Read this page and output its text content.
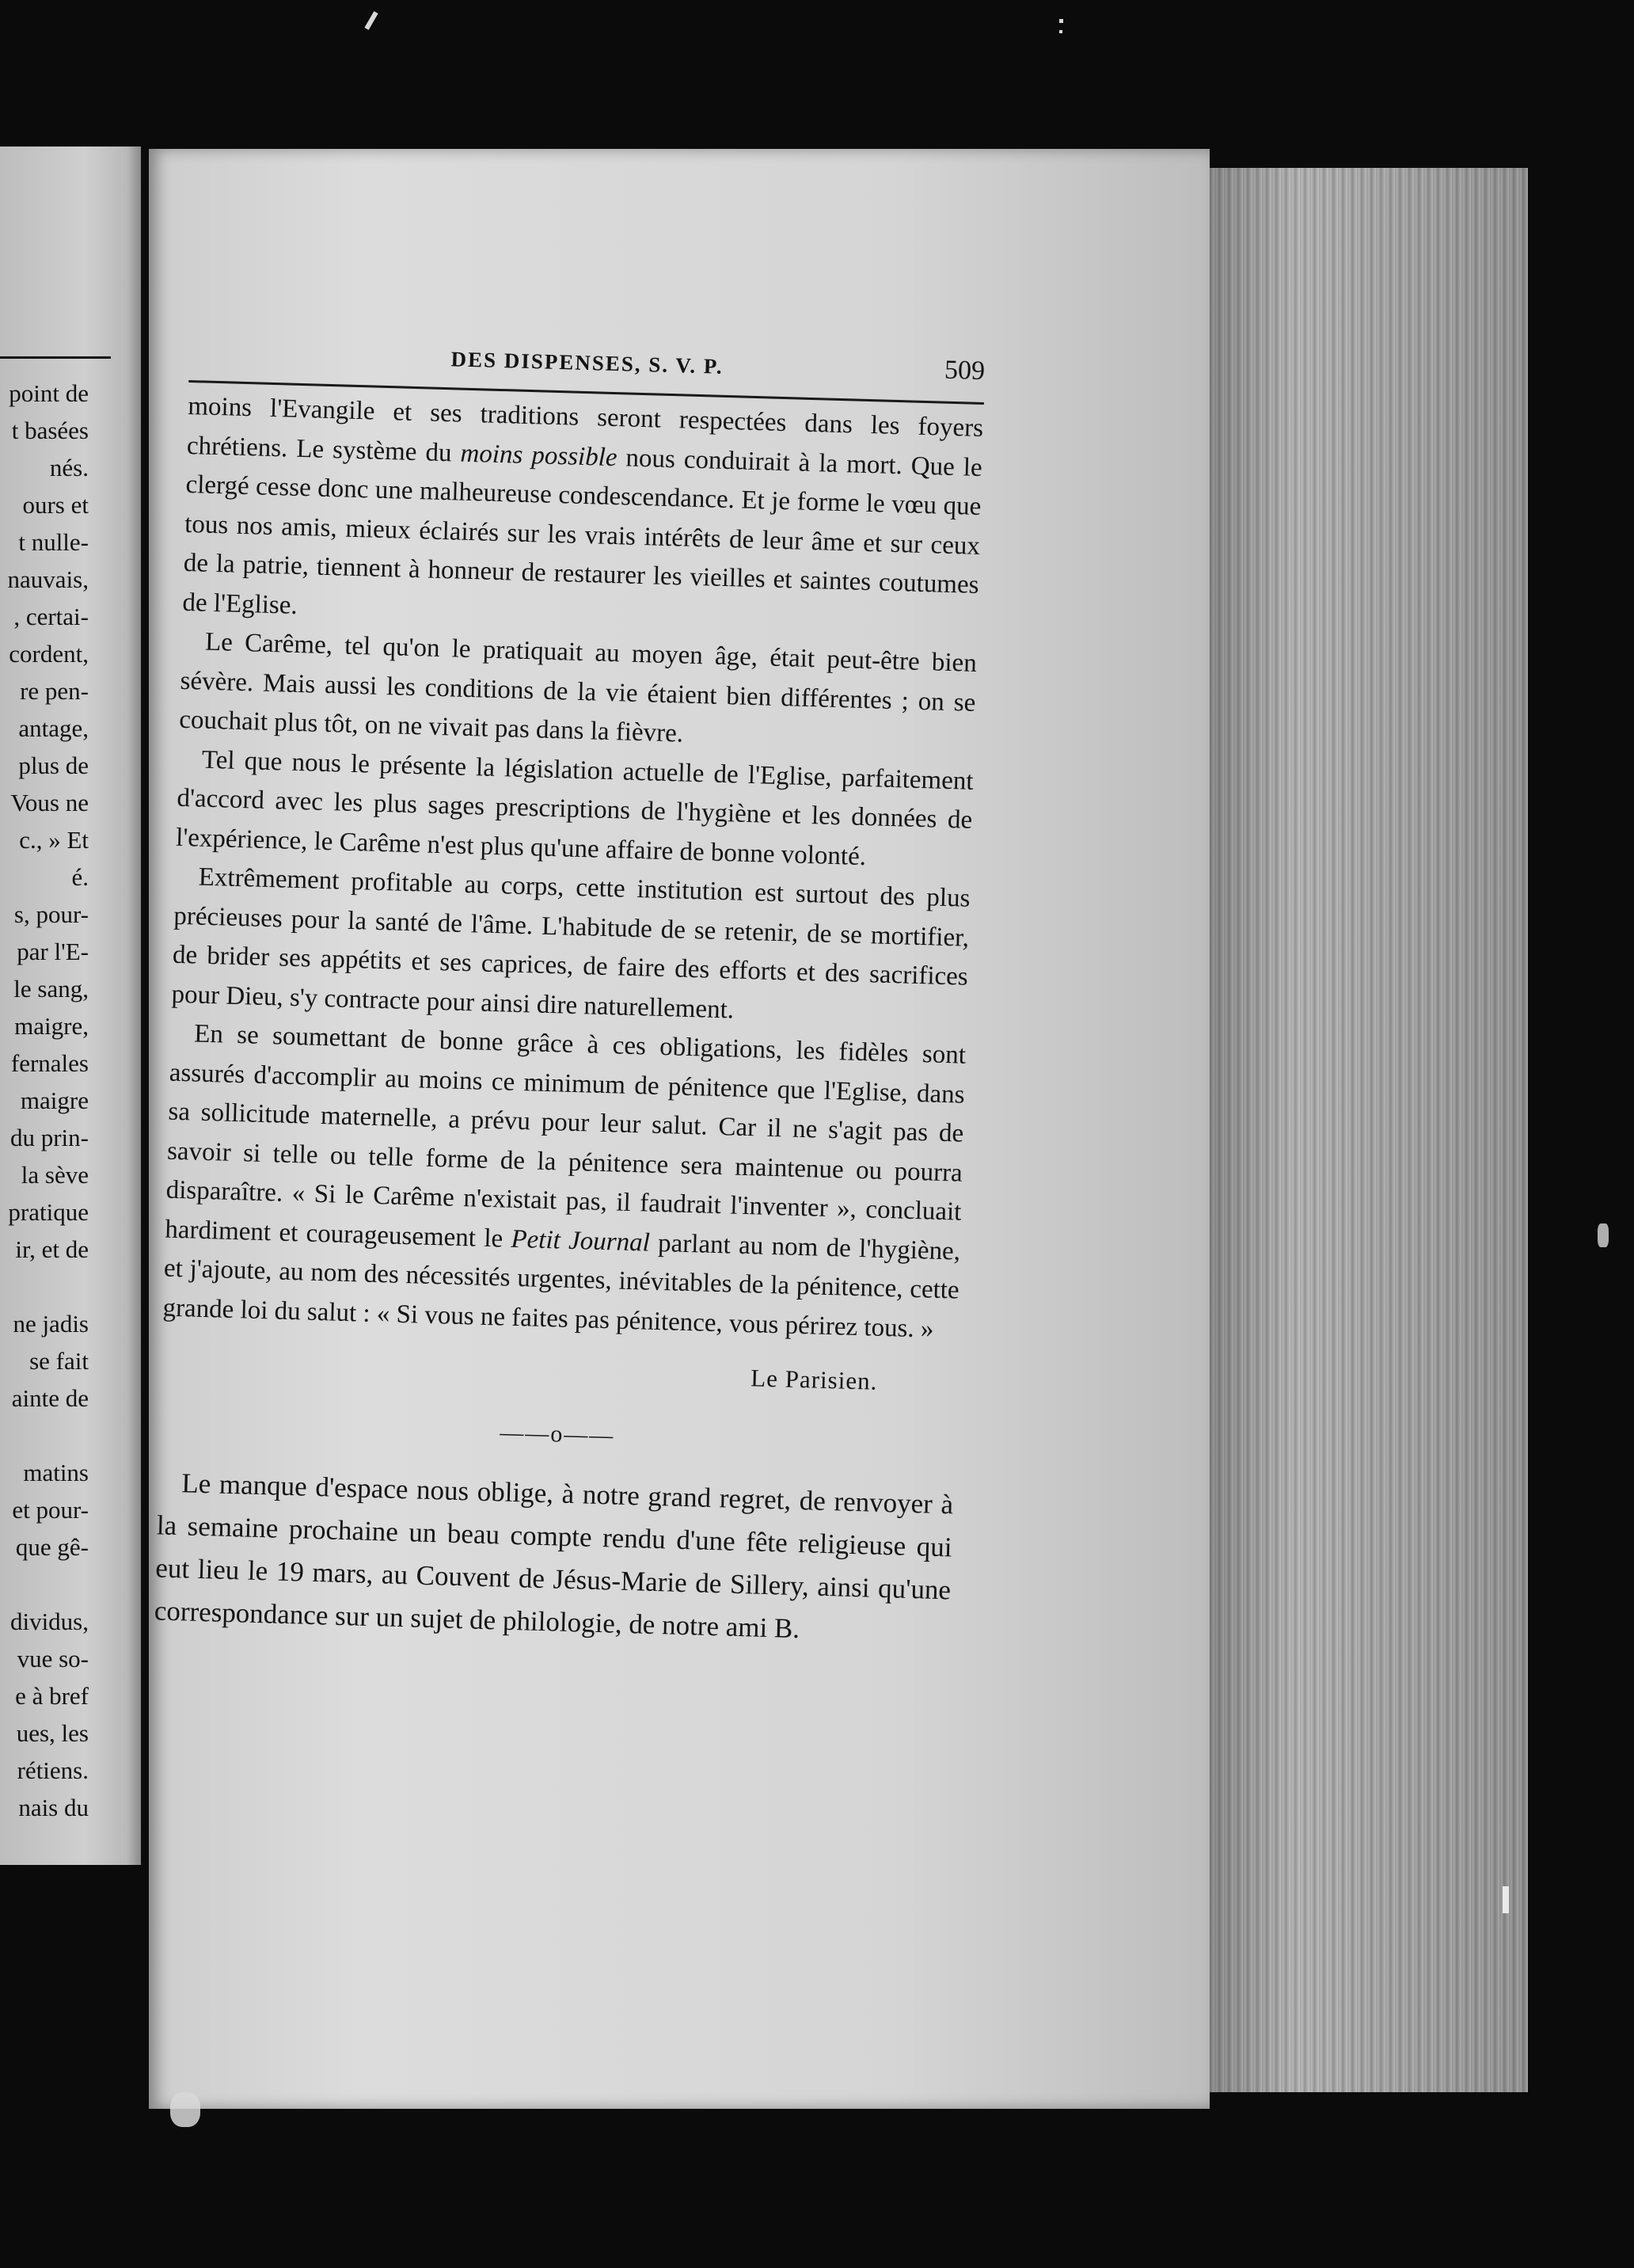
point de
t basées
nés.
ours et
t nulle-
nauvais,
, certai-
cordent,
re pen-
antage,
plus de
Vous ne
c., » Et
é.
s, pour-
par l'E-
le sang,
maigre,
fernales
maigre
du prin-
la sève
pratique
ir, et de
ne jadis
se fait
ainte de
matins
et pour-
que gê-
dividus,
vue so-
e à bref
ues, les
rétiens.
nais du
DES DISPENSES, S. V. P.	509

moins l'Evangile et ses traditions seront respectées dans les foyers chrétiens. Le système du moins possible nous conduirait à la mort. Que le clergé cesse donc une malheureuse condescendance. Et je forme le vœu que tous nos amis, mieux éclairés sur les vrais intérêts de leur âme et sur ceux de la patrie, tiennent à honneur de restaurer les vieilles et saintes coutumes de l'Eglise.

Le Carême, tel qu'on le pratiquait au moyen âge, était peut-être bien sévère. Mais aussi les conditions de la vie étaient bien différentes ; on se couchait plus tôt, on ne vivait pas dans la fièvre.

Tel que nous le présente la législation actuelle de l'Eglise, parfaitement d'accord avec les plus sages prescriptions de l'hygiène et les données de l'expérience, le Carême n'est plus qu'une affaire de bonne volonté.

Extrêmement profitable au corps, cette institution est surtout des plus précieuses pour la santé de l'âme. L'habitude de se retenir, de se mortifier, de brider ses appétits et ses caprices, de faire des efforts et des sacrifices pour Dieu, s'y contracte pour ainsi dire naturellement.

En se soumettant de bonne grâce à ces obligations, les fidèles sont assurés d'accomplir au moins ce minimum de pénitence que l'Eglise, dans sa sollicitude maternelle, a prévu pour leur salut. Car il ne s'agit pas de savoir si telle ou telle forme de la pénitence sera maintenue ou pourra disparaître. « Si le Carême n'existait pas, il faudrait l'inventer », concluait hardiment et courageusement le Petit Journal parlant au nom de l'hygiène, et j'ajoute, au nom des nécessités urgentes, inévitables de la pénitence, cette grande loi du salut : « Si vous ne faites pas pénitence, vous périrez tous. »

Le Parisien.
——o——

Le manque d'espace nous oblige, à notre grand regret, de renvoyer à la semaine prochaine un beau compte rendu d'une fête religieuse qui eut lieu le 19 mars, au Couvent de Jésus-Marie de Sillery, ainsi qu'une correspondance sur un sujet de philologie, de notre ami B.
